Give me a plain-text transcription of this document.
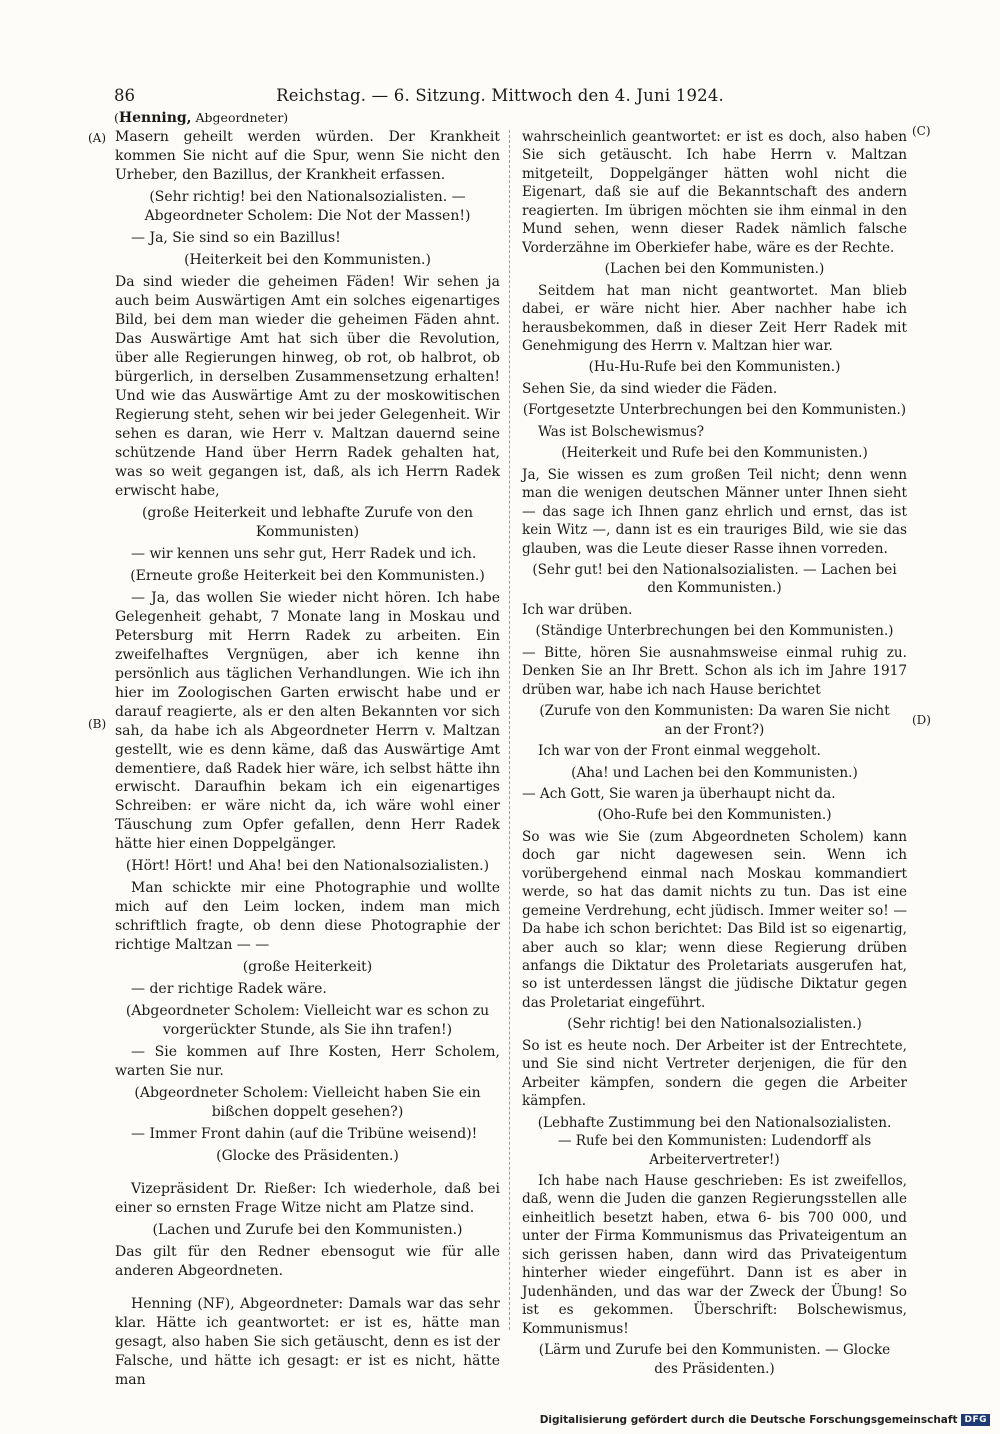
86	Reichstag. — 6. Sitzung. Mittwoch den 4. Juni 1924.
(Henning, Abgeordneter)
(A)
(B)
(C)
(D)

Masern geheilt werden würden. Der Krankheit kommen Sie nicht auf die Spur, wenn Sie nicht den Urheber, den Bazillus, der Krankheit erfassen.

(Sehr richtig! bei den Nationalsozialisten. — Abgeordneter Scholem: Die Not der Massen!)

— Ja, Sie sind so ein Bazillus!

(Heiterkeit bei den Kommunisten.)

Da sind wieder die geheimen Fäden! Wir sehen ja auch beim Auswärtigen Amt ein solches eigenartiges Bild, bei dem man wieder die geheimen Fäden ahnt. Das Auswärtige Amt hat sich über die Revolution, über alle Regierungen hinweg, ob rot, ob halbrot, ob bürgerlich, in derselben Zusammensetzung erhalten! Und wie das Auswärtige Amt zu der moskowitischen Regierung steht, sehen wir bei jeder Gelegenheit. Wir sehen es daran, wie Herr v. Maltzan dauernd seine schützende Hand über Herrn Radek gehalten hat, was so weit gegangen ist, daß, als ich Herrn Radek erwischt habe,

(große Heiterkeit und lebhafte Zurufe von den Kommunisten)

— wir kennen uns sehr gut, Herr Radek und ich.

(Erneute große Heiterkeit bei den Kommunisten.)

— Ja, das wollen Sie wieder nicht hören. Ich habe Gelegenheit gehabt, 7 Monate lang in Moskau und Petersburg mit Herrn Radek zu arbeiten. Ein zweifelhaftes Vergnügen, aber ich kenne ihn persönlich aus täglichen Verhandlungen. Wie ich ihn hier im Zoologischen Garten erwischt habe und er darauf reagierte, als er den alten Bekannten vor sich sah, da habe ich als Abgeordneter Herrn v. Maltzan gestellt, wie es denn käme, daß das Auswärtige Amt dementiere, daß Radek hier wäre, ich selbst hätte ihn erwischt. Daraufhin bekam ich ein eigenartiges Schreiben: er wäre nicht da, ich wäre wohl einer Täuschung zum Opfer gefallen, denn Herr Radek hätte hier einen Doppelgänger.

(Hört! Hört! und Aha! bei den Nationalsozialisten.)

Man schickte mir eine Photographie und wollte mich auf den Leim locken, indem man mich schriftlich fragte, ob denn diese Photographie der richtige Maltzan — —

(große Heiterkeit)

— der richtige Radek wäre.

(Abgeordneter Scholem: Vielleicht war es schon zu vorgerückter Stunde, als Sie ihn trafen!)

— Sie kommen auf Ihre Kosten, Herr Scholem, warten Sie nur.

(Abgeordneter Scholem: Vielleicht haben Sie ein bißchen doppelt gesehen?)

— Immer Front dahin (auf die Tribüne weisend)!

(Glocke des Präsidenten.)

Vizepräsident Dr. Rießer: Ich wiederhole, daß bei einer so ernsten Frage Witze nicht am Platze sind.

(Lachen und Zurufe bei den Kommunisten.)

Das gilt für den Redner ebensogut wie für alle anderen Abgeordneten.

Henning (NF), Abgeordneter: Damals war das sehr klar. Hätte ich geantwortet: er ist es, hätte man gesagt, also haben Sie sich getäuscht, denn es ist der Falsche, und hätte ich gesagt: er ist es nicht, hätte man

wahrscheinlich geantwortet: er ist es doch, also haben Sie sich getäuscht. Ich habe Herrn v. Maltzan mitgeteilt, Doppelgänger hätten wohl nicht die Eigenart, daß sie auf die Bekanntschaft des andern reagierten. Im übrigen möchten sie ihm einmal in den Mund sehen, wenn dieser Radek nämlich falsche Vorderzähne im Oberkiefer habe, wäre es der Rechte.

(Lachen bei den Kommunisten.)

Seitdem hat man nicht geantwortet. Man blieb dabei, er wäre nicht hier. Aber nachher habe ich herausbekommen, daß in dieser Zeit Herr Radek mit Genehmigung des Herrn v. Maltzan hier war.

(Hu-Hu-Rufe bei den Kommunisten.)

Sehen Sie, da sind wieder die Fäden.

(Fortgesetzte Unterbrechungen bei den Kommunisten.)

Was ist Bolschewismus?

(Heiterkeit und Rufe bei den Kommunisten.)

Ja, Sie wissen es zum großen Teil nicht; denn wenn man die wenigen deutschen Männer unter Ihnen sieht — das sage ich Ihnen ganz ehrlich und ernst, das ist kein Witz —, dann ist es ein trauriges Bild, wie sie das glauben, was die Leute dieser Rasse ihnen vorreden.

(Sehr gut! bei den Nationalsozialisten. — Lachen bei den Kommunisten.)

Ich war drüben.

(Ständige Unterbrechungen bei den Kommunisten.)

— Bitte, hören Sie ausnahmsweise einmal ruhig zu. Denken Sie an Ihr Brett. Schon als ich im Jahre 1917 drüben war, habe ich nach Hause berichtet

(Zurufe von den Kommunisten: Da waren Sie nicht an der Front?)

Ich war von der Front einmal weggeholt.

(Aha! und Lachen bei den Kommunisten.)

— Ach Gott, Sie waren ja überhaupt nicht da.

(Oho-Rufe bei den Kommunisten.)

So was wie Sie (zum Abgeordneten Scholem) kann doch gar nicht dagewesen sein. Wenn ich vorübergehend einmal nach Moskau kommandiert werde, so hat das damit nichts zu tun. Das ist eine gemeine Verdrehung, echt jüdisch. Immer weiter so! — Da habe ich schon berichtet: Das Bild ist so eigenartig, aber auch so klar; wenn diese Regierung drüben anfangs die Diktatur des Proletariats ausgerufen hat, so ist unterdessen längst die jüdische Diktatur gegen das Proletariat eingeführt.

(Sehr richtig! bei den Nationalsozialisten.)

So ist es heute noch. Der Arbeiter ist der Entrechtete, und Sie sind nicht Vertreter derjenigen, die für den Arbeiter kämpfen, sondern die gegen die Arbeiter kämpfen.

(Lebhafte Zustimmung bei den Nationalsozialisten. — Rufe bei den Kommunisten: Ludendorff als Arbeitervertreter!)

Ich habe nach Hause geschrieben: Es ist zweifellos, daß, wenn die Juden die ganzen Regierungsstellen alle einheitlich besetzt haben, etwa 6- bis 700 000, und unter der Firma Kommunismus das Privateigentum an sich gerissen haben, dann wird das Privateigentum hinterher wieder eingeführt. Dann ist es aber in Judenhänden, und das war der Zweck der Übung! So ist es gekommen. Überschrift: Bolschewismus, Kommunismus!

(Lärm und Zurufe bei den Kommunisten. — Glocke des Präsidenten.)

Digitalisierung gefördert durch die Deutsche Forschungsgemeinschaft DFG
